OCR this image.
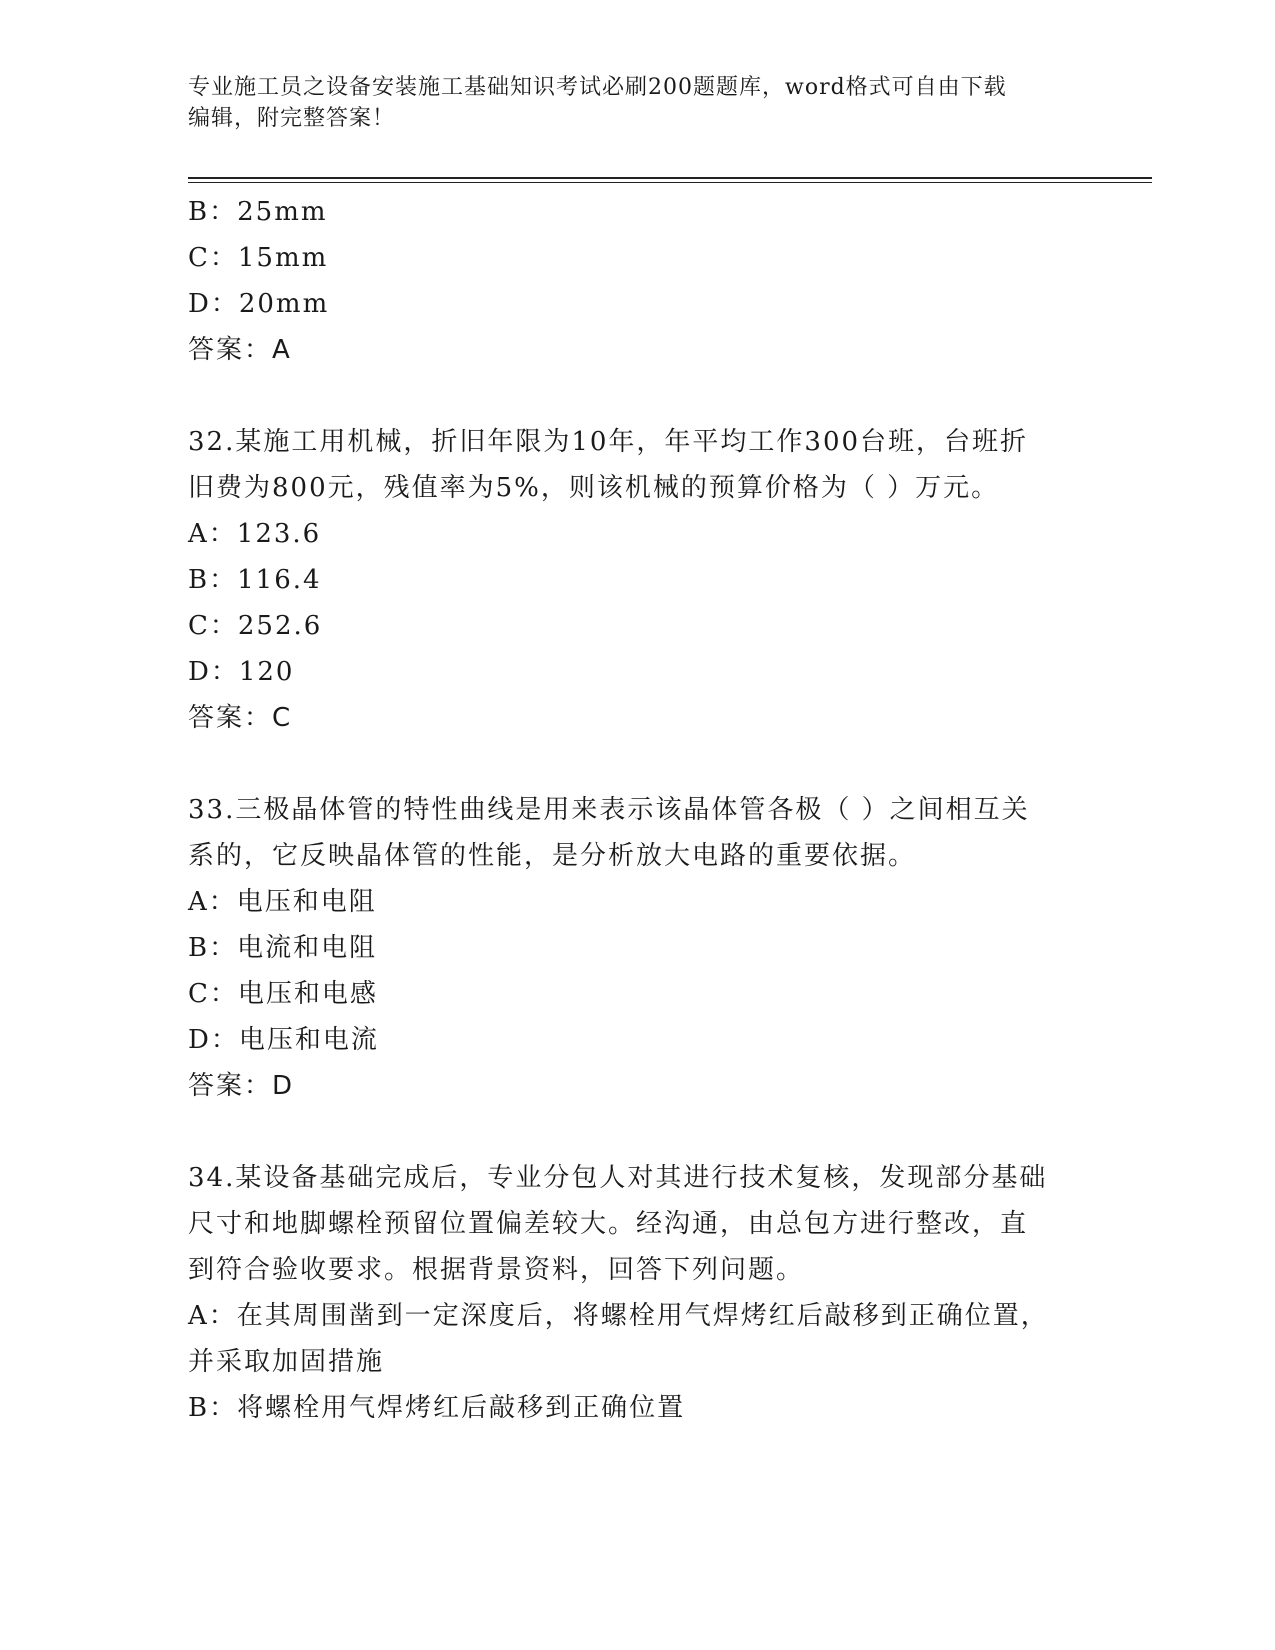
专业施工员之设备安装施工基础知识考试必刷200题题库，word格式可自由下载
编辑，附完整答案！
B：25mm
C：15mm
D：20mm
答案：A
32.某施工用机械，折旧年限为10年，年平均工作300台班，台班折
旧费为800元，残值率为5%，则该机械的预算价格为（ ）万元。
A：123.6
B：116.4
C：252.6
D：120
答案：C
33.三极晶体管的特性曲线是用来表示该晶体管各极（ ）之间相互关
系的，它反映晶体管的性能，是分析放大电路的重要依据。
A：电压和电阻
B：电流和电阻
C：电压和电感
D：电压和电流
答案：D
34.某设备基础完成后，专业分包人对其进行技术复核，发现部分基础
尺寸和地脚螺栓预留位置偏差较大。经沟通，由总包方进行整改，直
到符合验收要求。根据背景资料，回答下列问题。
A：在其周围凿到一定深度后，将螺栓用气焊烤红后敲移到正确位置，
并采取加固措施
B：将螺栓用气焊烤红后敲移到正确位置
